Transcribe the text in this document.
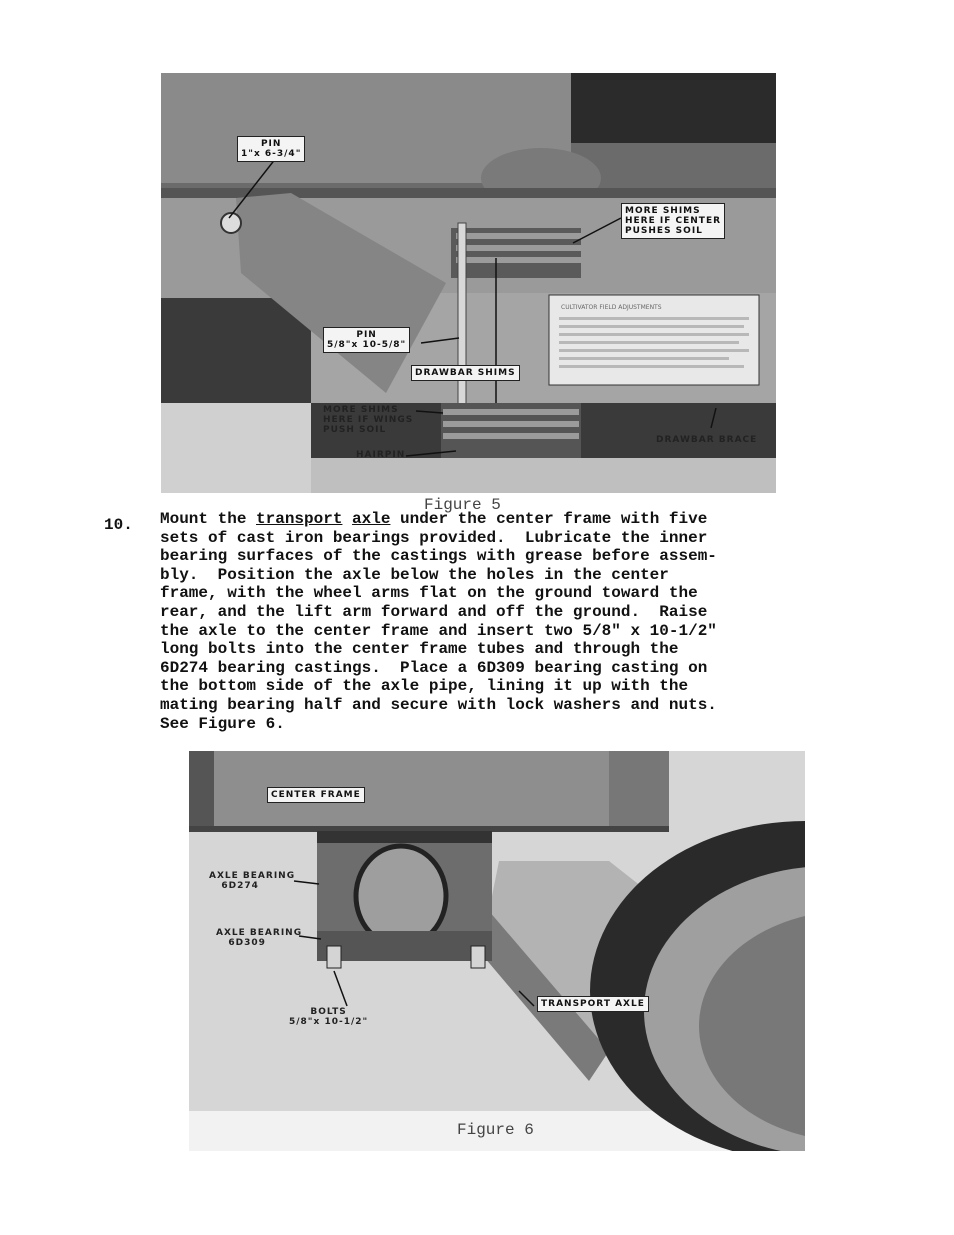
CULTIVATOR FIELD ADJUSTMENTS
PIN
1"x 6-3/4"
MORE SHIMS
HERE IF CENTER
PUSHES SOIL
PIN
5/8"x 10-5/8"
DRAWBAR SHIMS
MORE SHIMS
HERE IF WINGS
PUSH SOIL
HAIRPIN
DRAWBAR BRACE
Figure 5
10. Mount the transport axle under the center frame with five
sets of cast iron bearings provided.  Lubricate the inner
bearing surfaces of the castings with grease before assem-
bly.  Position the axle below the holes in the center
frame, with the wheel arms flat on the ground toward the
rear, and the lift arm forward and off the ground.  Raise
the axle to the center frame and insert two 5/8" x 10-1/2"
long bolts into the center frame tubes and through the
6D274 bearing castings.  Place a 6D309 bearing casting on
the bottom side of the axle pipe, lining it up with the
mating bearing half and secure with lock washers and nuts.
See Figure 6.
CENTER FRAME
AXLE BEARING
6D274
AXLE BEARING
6D309
BOLTS
5/8"x 10-1/2"
TRANSPORT AXLE
Figure 6
